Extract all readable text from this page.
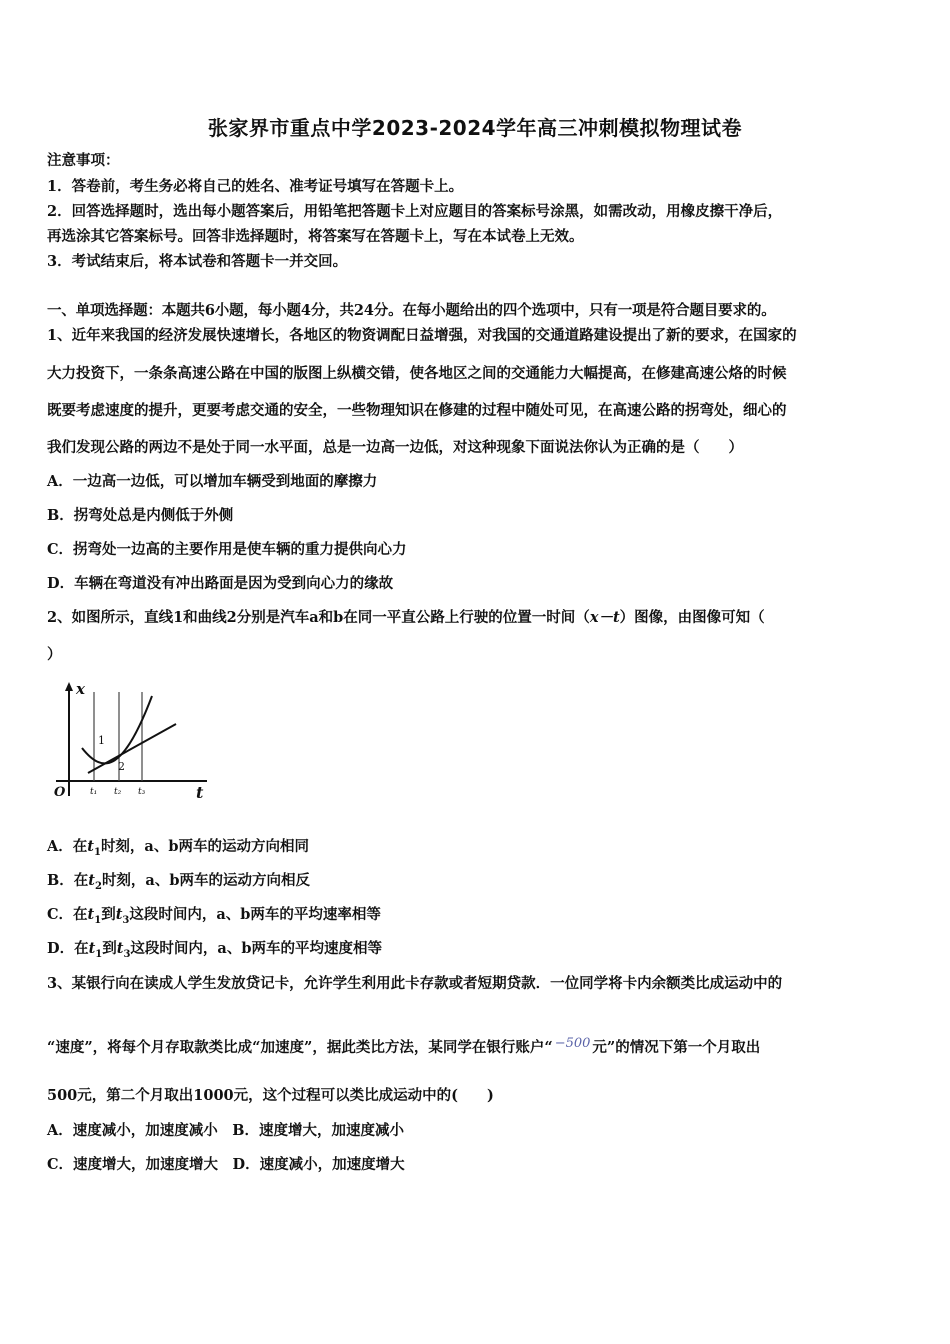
张家界市重点中学2023-2024学年高三冲刺模拟物理试卷
注意事项：
1．答卷前，考生务必将自己的姓名、准考证号填写在答题卡上。
2．回答选择题时，选出每小题答案后，用铅笔把答题卡上对应题目的答案标号涂黑，如需改动，用橡皮擦干净后，
再选涂其它答案标号。回答非选择题时，将答案写在答题卡上，写在本试卷上无效。
3．考试结束后，将本试卷和答题卡一并交回。
一、单项选择题：本题共6小题，每小题4分，共24分。在每小题给出的四个选项中，只有一项是符合题目要求的。
1、近年来我国的经济发展快速增长，各地区的物资调配日益增强，对我国的交通道路建设提出了新的要求，在国家的
大力投资下，一条条高速公路在中国的版图上纵横交错，使各地区之间的交通能力大幅提高，在修建高速公烙的时候
既要考虑速度的提升，更要考虑交通的安全，一些物理知识在修建的过程中随处可见，在高速公路的拐弯处，细心的
我们发现公路的两边不是处于同一水平面，总是一边高一边低，对这种现象下面说法你认为正确的是（　　）
A．一边高一边低，可以增加车辆受到地面的摩擦力
B．拐弯处总是内侧低于外侧
C．拐弯处一边高的主要作用是使车辆的重力提供向心力
D．车辆在弯道没有冲出路面是因为受到向心力的缘故
2、如图所示，直线1和曲线2分别是汽车a和b在同一平直公路上行驶的位置一时间（x－t）图像，由图像可知（
）
x
t
O
1
2
t₁ t₂ t₃
A．在$t_1$时刻，a、b两车的运动方向相同
B．在$t_2$时刻，a、b两车的运动方向相反
C．在$t_1$到$t_3$这段时间内，a、b两车的平均速率相等
D．在$t_1$到$t_3$这段时间内，a、b两车的平均速度相等
3、某银行向在读成人学生发放贷记卡，允许学生利用此卡存款或者短期贷款．一位同学将卡内余额类比成运动中的
“速度”，将每个月存取款类比成“加速度”，据此类比方法，某同学在银行账户“ −500 元”的情况下第一个月取出
500元，第二个月取出1000元，这个过程可以类比成运动中的(　　)
A．速度减小，加速度减小　B．速度增大，加速度减小
C．速度增大，加速度增大　D．速度减小，加速度增大
